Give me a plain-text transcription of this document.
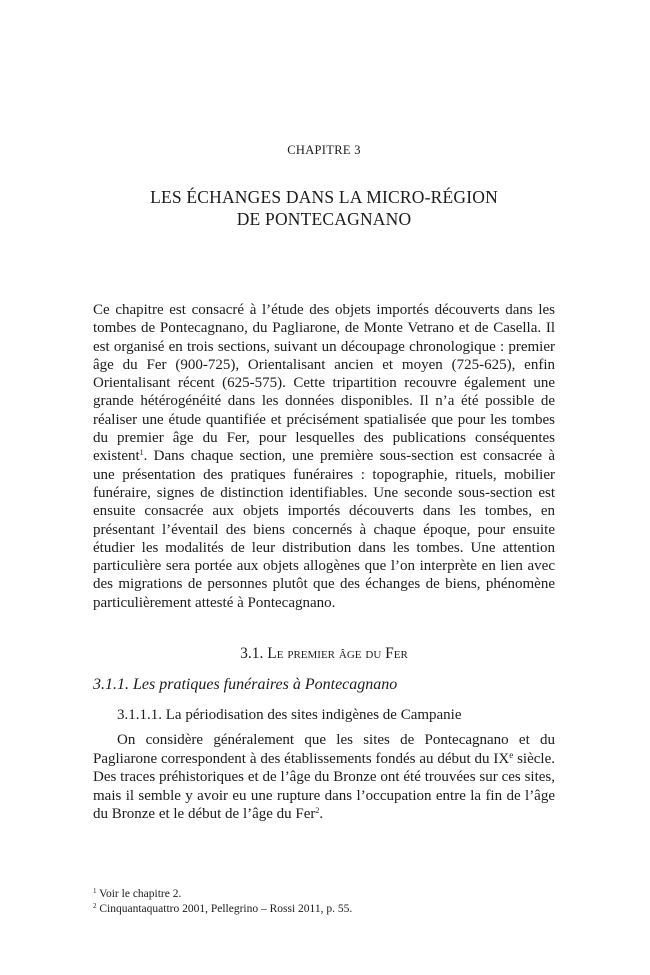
CHAPITRE 3
LES ÉCHANGES DANS LA MICRO-RÉGION
DE PONTECAGNANO

Ce chapitre est consacré à l’étude des objets importés découverts dans les tombes de Pontecagnano, du Pagliarone, de Monte Vetrano et de Casella. Il est organisé en trois sections, suivant un découpage chronologique : premier âge du Fer (900-725), Orientalisant ancien et moyen (725-625), enfin Orientalisant récent (625-575). Cette tripartition recouvre également une grande hétérogénéité dans les données disponibles. Il n’a été possible de réaliser une étude quantifiée et précisément spatialisée que pour les tombes du premier âge du Fer, pour lesquelles des publications conséquentes existent$^1$. Dans chaque section, une première sous-section est consacrée à une présentation des pratiques funéraires : topographie, rituels, mobilier funéraire, signes de distinction identifiables. Une seconde sous-section est ensuite consacrée aux objets importés découverts dans les tombes, en présentant l’éventail des biens concernés à chaque époque, pour ensuite étudier les modalités de leur distribution dans les tombes. Une attention particulière sera portée aux objets allogènes que l’on interprète en lien avec des migrations de personnes plutôt que des échanges de biens, phénomène particulièrement attesté à Pontecagnano.

3.1. Le premier âge du Fer
3.1.1. Les pratiques funéraires à Pontecagnano
3.1.1.1. La périodisation des sites indigènes de Campanie

On considère généralement que les sites de Pontecagnano et du Pagliarone correspondent à des établissements fondés au début du IXe siècle. Des traces préhistoriques et de l’âge du Bronze ont été trouvées sur ces sites, mais il semble y avoir eu une rupture dans l’occupation entre la fin de l’âge du Bronze et le début de l’âge du Fer$^2$.

$^1$ Voir le chapitre 2.
$^2$ Cinquantaquattro 2001, Pellegrino – Rossi 2011, p. 55.
